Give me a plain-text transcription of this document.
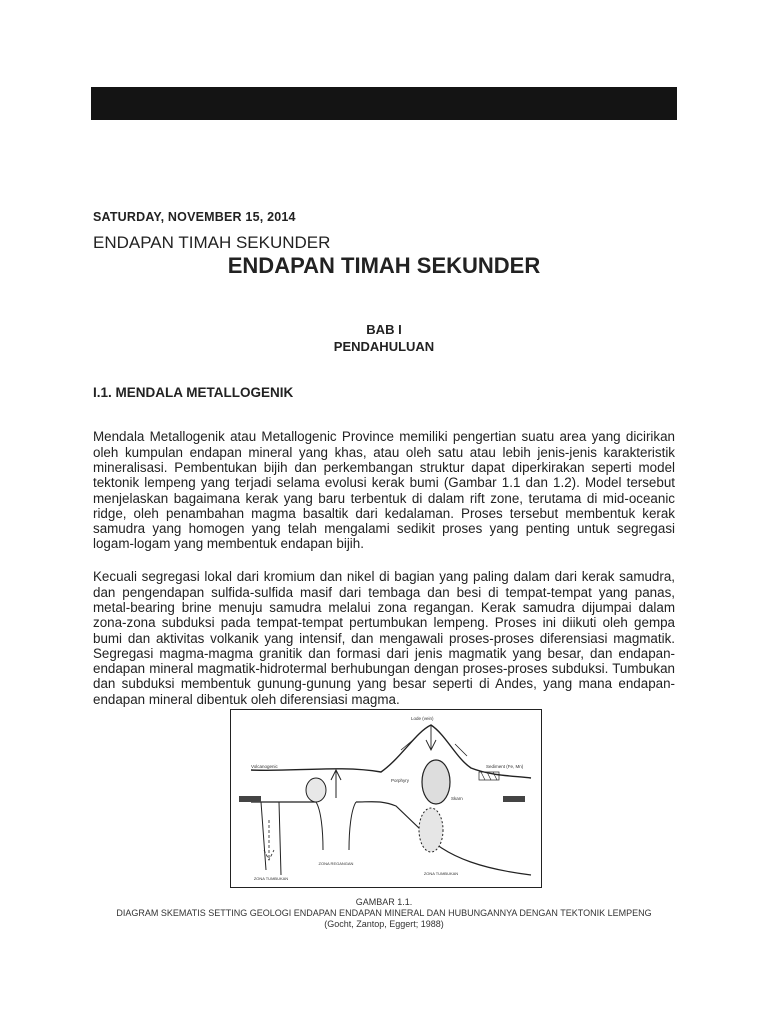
SATURDAY, NOVEMBER 15, 2014
ENDAPAN TIMAH SEKUNDER
ENDAPAN TIMAH SEKUNDER
BAB I
PENDAHULUAN
I.1. MENDALA METALLOGENIK

Mendala Metallogenik atau Metallogenic Province memiliki pengertian suatu area yang dicirikan oleh kumpulan endapan mineral yang khas, atau oleh satu atau lebih jenis-jenis karakteristik mineralisasi. Pembentukan bijih dan perkembangan struktur dapat diperkirakan seperti model tektonik lempeng yang terjadi selama evolusi kerak bumi (Gambar 1.1 dan 1.2). Model tersebut menjelaskan bagaimana kerak yang baru terbentuk di dalam rift zone, terutama di mid-oceanic ridge, oleh penambahan magma basaltik dari kedalaman. Proses tersebut membentuk kerak samudra yang homogen yang telah mengalami sedikit proses yang penting untuk segregasi logam-logam yang membentuk endapan bijih.

Kecuali segregasi lokal dari kromium dan nikel di bagian yang paling dalam dari kerak samudra, dan pengendapan sulfida-sulfida masif dari tembaga dan besi di tempat-tempat yang panas, metal-bearing brine menuju samudra melalui zona regangan. Kerak samudra dijumpai dalam zona-zona subduksi pada tempat-tempat pertumbukan lempeng. Proses ini diikuti oleh gempa bumi dan aktivitas volkanik yang intensif, dan mengawali proses-proses diferensiasi magmatik. Segregasi magma-magma granitik dan formasi dari jenis magmatik yang besar, dan endapan-endapan mineral magmatik-hidrotermal berhubungan dengan proses-proses subduksi. Tumbukan dan subduksi membentuk gunung-gunung yang besar seperti di Andes, yang mana endapan-endapan mineral dibentuk oleh diferensiasi magma.

Volcanogenic
Lode (vein)
Sediment (Fe, Mn)
Porphyry
Skarn
ZONA TUMBUKAN
ZONA REGANGAN
ZONA TUMBUKAN
GAMBAR 1.1.
DIAGRAM SKEMATIS SETTING GEOLOGI ENDAPAN ENDAPAN MINERAL DAN HUBUNGANNYA DENGAN TEKTONIK LEMPENG
(Gocht, Zantop, Eggert; 1988)
